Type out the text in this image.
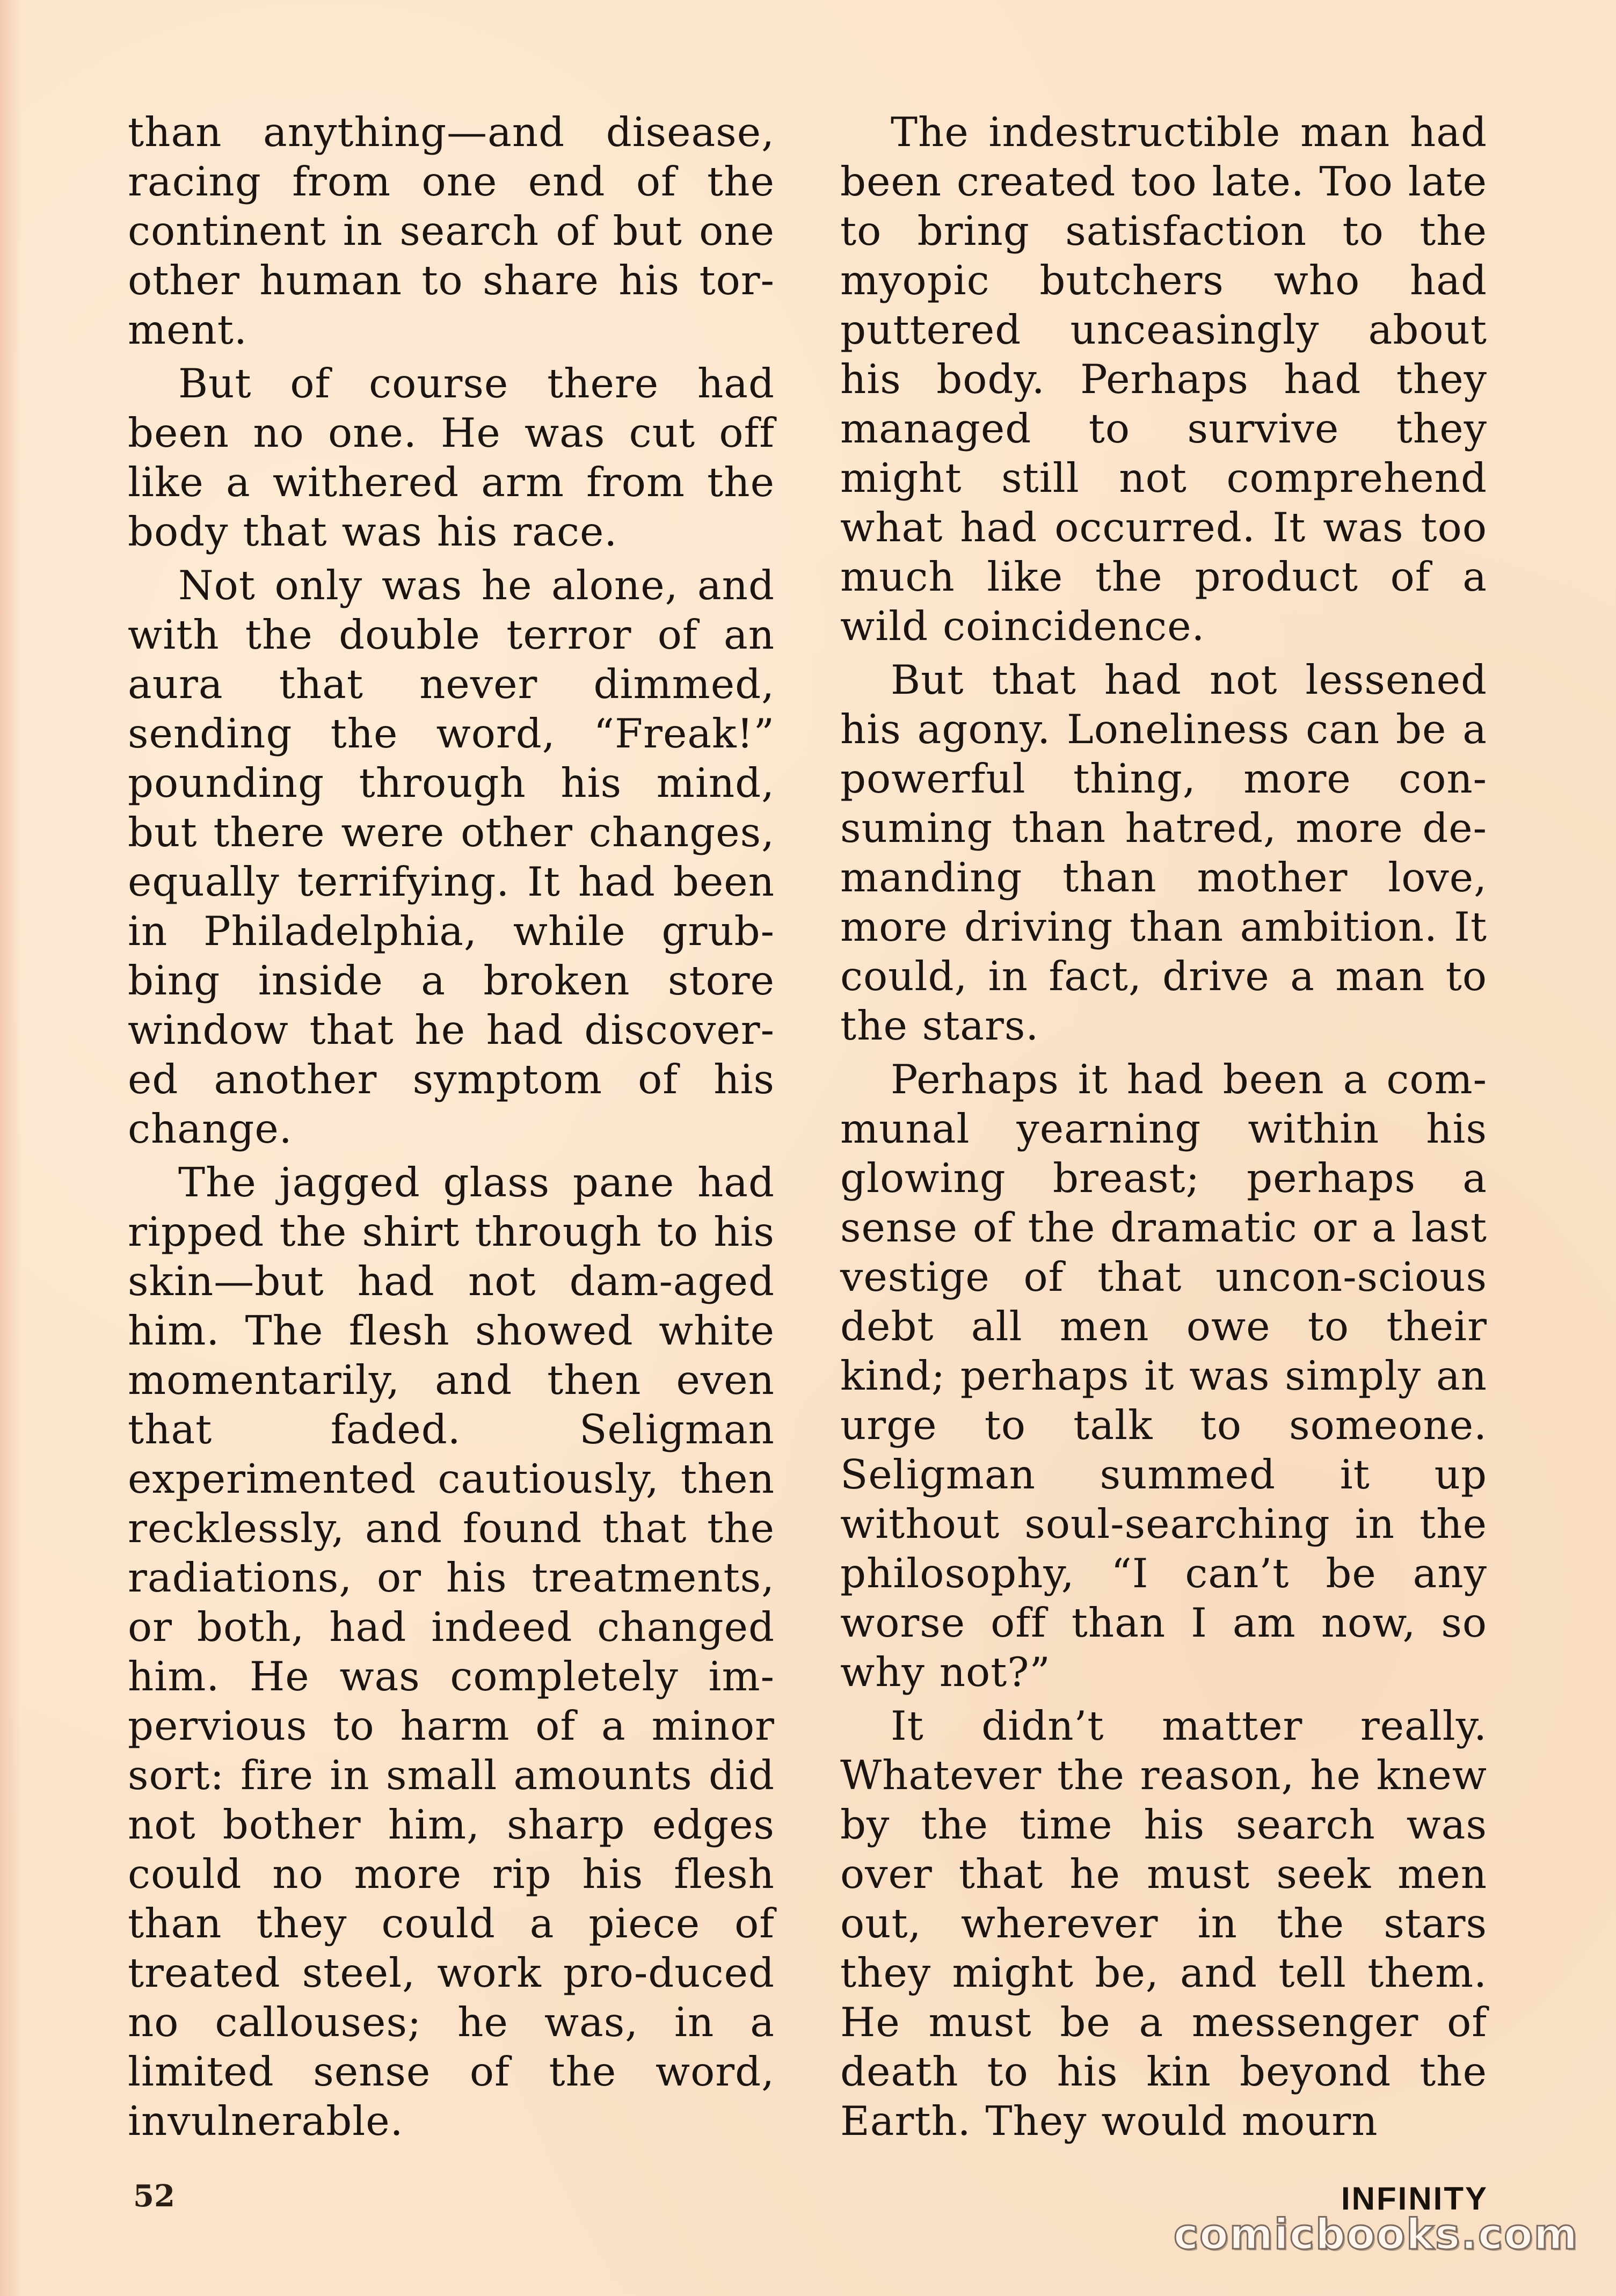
than anything—and disease, racing from one end of the continent in search of but one other human to share his tor-ment.

But of course there had been no one. He was cut off like a withered arm from the body that was his race.

Not only was he alone, and with the double terror of an aura that never dimmed, sending the word, “Freak!” pounding through his mind, but there were other changes, equally terrifying. It had been in Philadelphia, while grub-bing inside a broken store window that he had discover-ed another symptom of his change.

The jagged glass pane had ripped the shirt through to his skin—but had not dam-aged him. The flesh showed white momentarily, and then even that faded. Seligman experimented cautiously, then recklessly, and found that the radiations, or his treatments, or both, had indeed changed him. He was completely im-pervious to harm of a minor sort: fire in small amounts did not bother him, sharp edges could no more rip his flesh than they could a piece of treated steel, work pro-duced no callouses; he was, in a limited sense of the word, invulnerable.

The indestructible man had been created too late. Too late to bring satisfaction to the myopic butchers who had puttered unceasingly about his body. Perhaps had they managed to survive they might still not comprehend what had occurred. It was too much like the product of a wild coincidence.

But that had not lessened his agony. Loneliness can be a powerful thing, more con-suming than hatred, more de-manding than mother love, more driving than ambition. It could, in fact, drive a man to the stars.

Perhaps it had been a com-munal yearning within his glowing breast; perhaps a sense of the dramatic or a last vestige of that uncon-scious debt all men owe to their kind; perhaps it was simply an urge to talk to someone. Seligman summed it up without soul-searching in the philosophy, “I can’t be any worse off than I am now, so why not?”

It didn’t matter really. Whatever the reason, he knew by the time his search was over that he must seek men out, wherever in the stars they might be, and tell them. He must be a messenger of death to his kin beyond the Earth. They would mourn

52	INFINITY
comicbooks.com
